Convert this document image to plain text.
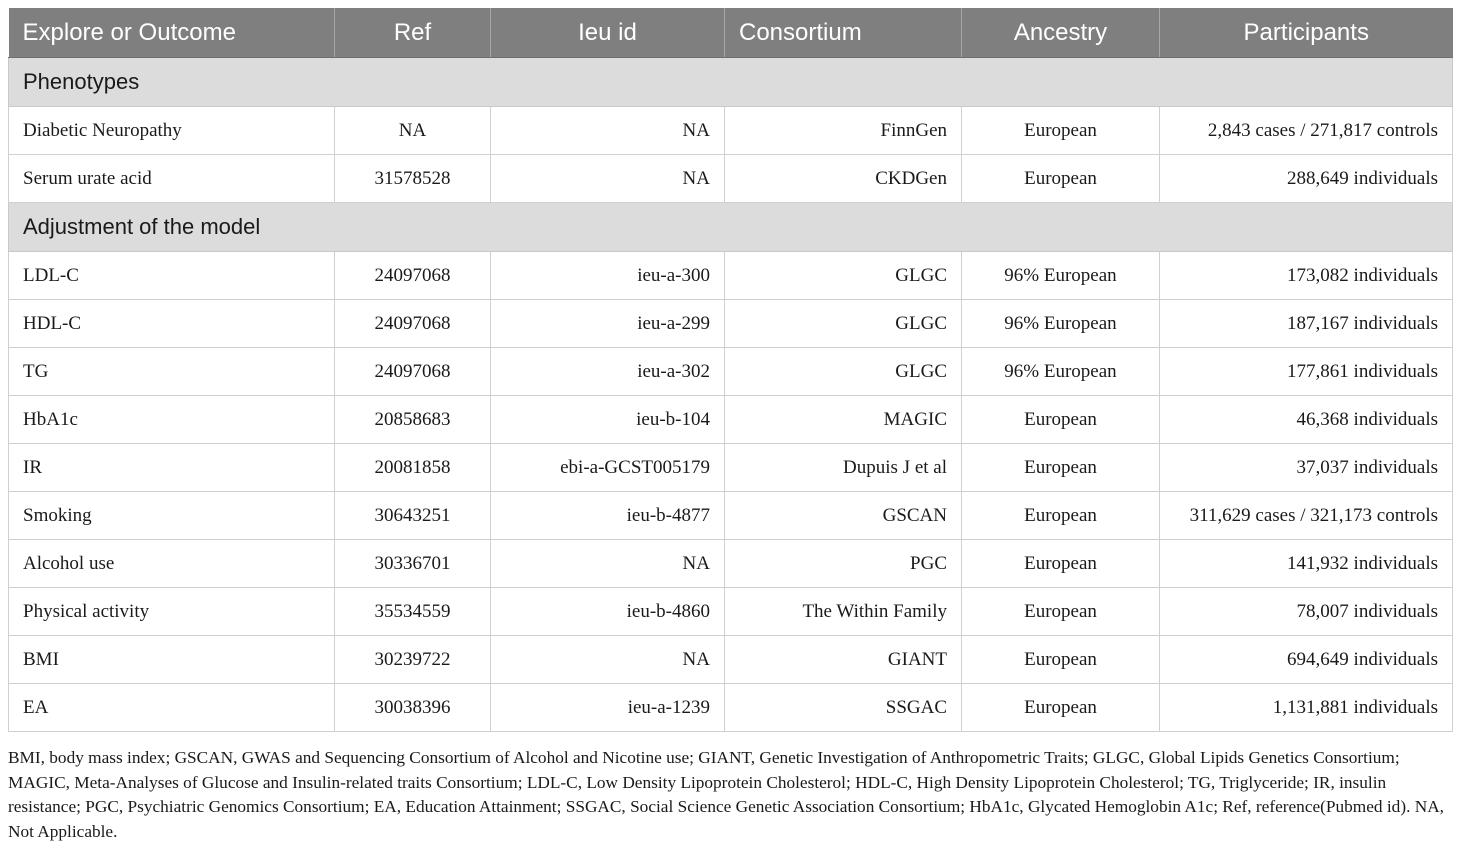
Explore or Outcome	Ref	Ieu id	Consortium	Ancestry	Participants
Phenotypes					
Diabetic Neuropathy	NA	NA	FinnGen	European	2,843 cases / 271,817 controls
Serum urate acid	31578528	NA	CKDGen	European	288,649 individuals
Adjustment of the model					
LDL-C	24097068	ieu-a-300	GLGC	96% European	173,082 individuals
HDL-C	24097068	ieu-a-299	GLGC	96% European	187,167 individuals
TG	24097068	ieu-a-302	GLGC	96% European	177,861 individuals
HbA1c	20858683	ieu-b-104	MAGIC	European	46,368 individuals
IR	20081858	ebi-a-GCST005179	Dupuis J et al	European	37,037 individuals
Smoking	30643251	ieu-b-4877	GSCAN	European	311,629 cases / 321,173 controls
Alcohol use	30336701	NA	PGC	European	141,932 individuals
Physical activity	35534559	ieu-b-4860	The Within Family	European	78,007 individuals
BMI	30239722	NA	GIANT	European	694,649 individuals
EA	30038396	ieu-a-1239	SSGAC	European	1,131,881 individuals

BMI, body mass index; GSCAN, GWAS and Sequencing Consortium of Alcohol and Nicotine use; GIANT, Genetic Investigation of Anthropometric Traits; GLGC, Global Lipids Genetics Consortium; MAGIC, Meta-Analyses of Glucose and Insulin-related traits Consortium; LDL-C, Low Density Lipoprotein Cholesterol; HDL-C, High Density Lipoprotein Cholesterol; TG, Triglyceride; IR, insulin resistance; PGC, Psychiatric Genomics Consortium; EA, Education Attainment; SSGAC, Social Science Genetic Association Consortium; HbA1c, Glycated Hemoglobin A1c; Ref, reference(Pubmed id). NA, Not Applicable.
